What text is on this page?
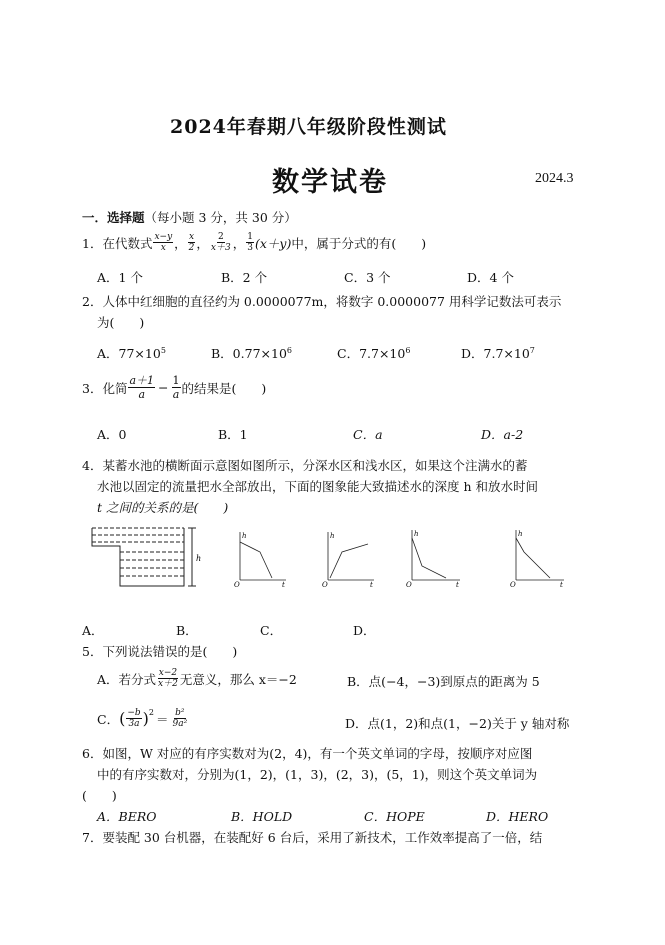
2024年春期八年级阶段性测试
数学试卷	2024.3
一．选择题（每小题 3 分，共 30 分）
1．在代数式 $\frac{x-y}{x}$ ， $\frac{x}{2}$ ， $\frac{2}{x+3}$ ， $\frac{1}{3} (x+y)$ 中，属于分式的有(　　)
A．1 个	B．2 个	C．3 个	D．4 个
2．人体中红细胞的直径约为 0.0000077m，将数字 0.0000077 用科学记数法可表示
为(　　)
A．$77\times 10^5$	B．$0.77\times 10^6$	C．$7.7\times 10^6$	D．$7.7\times 10^7$
3．化简 $\frac{a+1}{a} - \frac{1}{a}$ 的结果是(　　)
A．0	B．1	C．a	D．a-2
4．某蓄水池的横断面示意图如图所示，分深水区和浅水区，如果这个注满水的蓄
水池以固定的流量把水全部放出，下面的图象能大致描述水的深度 h 和放水时间
t 之间的关系的是(　　)
h
h
t
O
h
t
O
h
t
O
h
t
O
A．	B．	C．	D．
5．下列说法错误的是(　　)
A．若分式 $\frac{x-2}{x+2}$ 无意义，那么 x＝−2	B．点(−4，−3)到原点的距离为 5
C． ( $\frac{-b}{3a} )^2 = \frac{\text{b²}}{\text{9a²}}$	D．点(1，2)和点(1，−2)关于 y 轴对称
6．如图，W 对应的有序实数对为(2，4)，有一个英文单词的字母，按顺序对应图
中的有序实数对，分别为(1，2)，(1，3)，(2，3)，(5，1)，则这个英文单词为
(　　)
A．BERO	B．HOLD	C．HOPE	D．HERO
7．要装配 30 台机器，在装配好 6 台后，采用了新技术，工作效率提高了一倍，结
